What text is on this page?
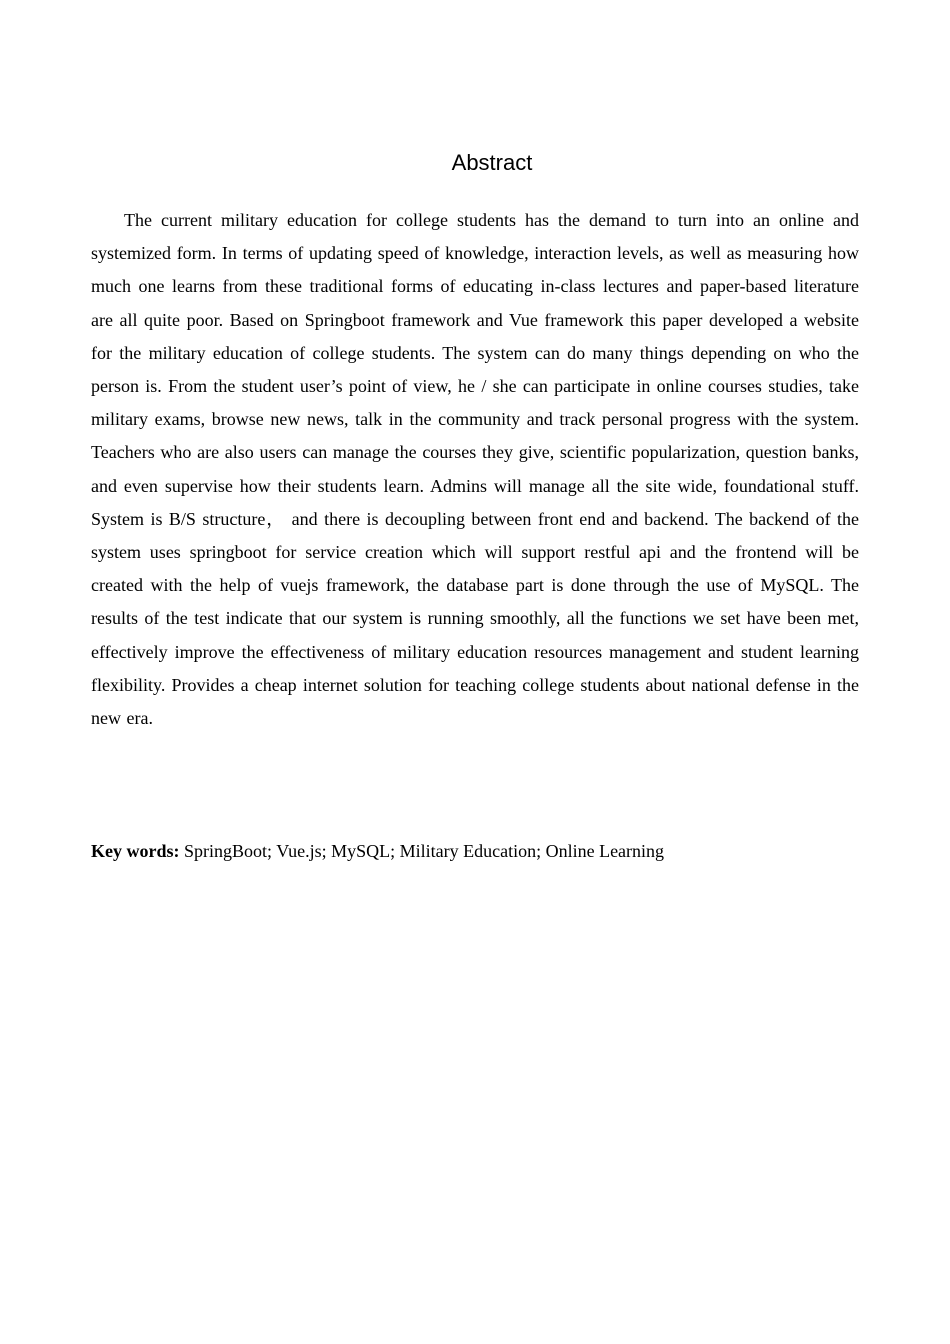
Abstract

The current military education for college students has the demand to turn into an online and systemized form. In terms of updating speed of knowledge, interaction levels, as well as measuring how much one learns from these traditional forms of educating in-class lectures and paper-based literature are all quite poor. Based on Springboot framework and Vue framework this paper developed a website for the military education of college students. The system can do many things depending on who the person is. From the student user’s point of view, he / she can participate in online courses studies, take military exams, browse new news, talk in the community and track personal progress with the system. Teachers who are also users can manage the courses they give, scientific popularization, question banks, and even supervise how their students learn. Admins will manage all the site wide, foundational stuff. System is B/S structure， and there is decoupling between front end and backend. The backend of the system uses springboot for service creation which will support restful api and the frontend will be created with the help of vuejs framework, the database part is done through the use of MySQL. The results of the test indicate that our system is running smoothly, all the functions we set have been met, effectively improve the effectiveness of military education resources management and student learning flexibility. Provides a cheap internet solution for teaching college students about national defense in the new era.

Key words: SpringBoot; Vue.js; MySQL; Military Education; Online Learning
